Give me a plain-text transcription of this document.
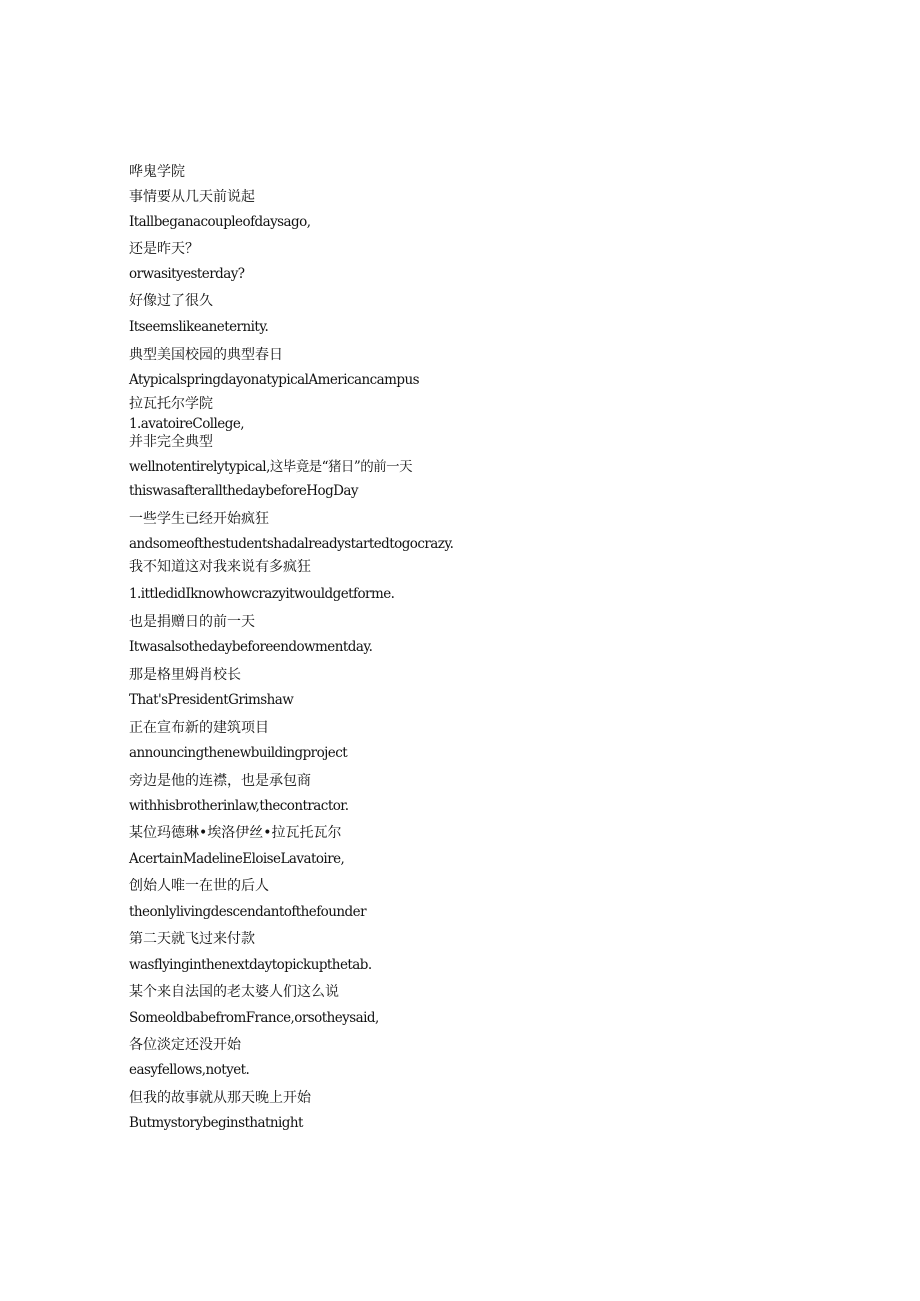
哗鬼学院
事情要从几天前说起
Itallbeganacoupleofdaysago,
还是昨天？
orwasityesterday?
好像过了很久
Itseemslikeaneternity.
典型美国校园的典型春日
AtypicalspringdayonatypicalAmericancampus
拉瓦托尔学院
1.avatoireCollege,
并非完全典型
wellnotentirelytypical,这毕竟是“猪日”的前一天
thiswasafterallthedaybeforeHogDay
一些学生已经开始疯狂
andsomeofthestudentshadalreadystartedtogocrazy.
我不知道这对我来说有多疯狂
1.ittledidIknowhowcrazyitwouldgetforme.
也是捐赠日的前一天
Itwasalsothedaybeforeendowmentday.
那是格里姆肖校长
That'sPresidentGrimshaw
正在宣布新的建筑项目
announcingthenewbuildingproject
旁边是他的连襟，也是承包商
withhisbrotherinlaw,thecontractor.
某位玛德琳•埃洛伊丝•拉瓦托瓦尔
AcertainMadelineEloiseLavatoire,
创始人唯一在世的后人
theonlylivingdescendantofthefounder
第二天就飞过来付款
wasflyinginthenextdaytopickupthetab.
某个来自法国的老太婆人们这么说
SomeoldbabefromFrance,orsotheysaid,
各位淡定还没开始
easyfellows,notyet.
但我的故事就从那天晚上开始
Butmystorybeginsthatnight
